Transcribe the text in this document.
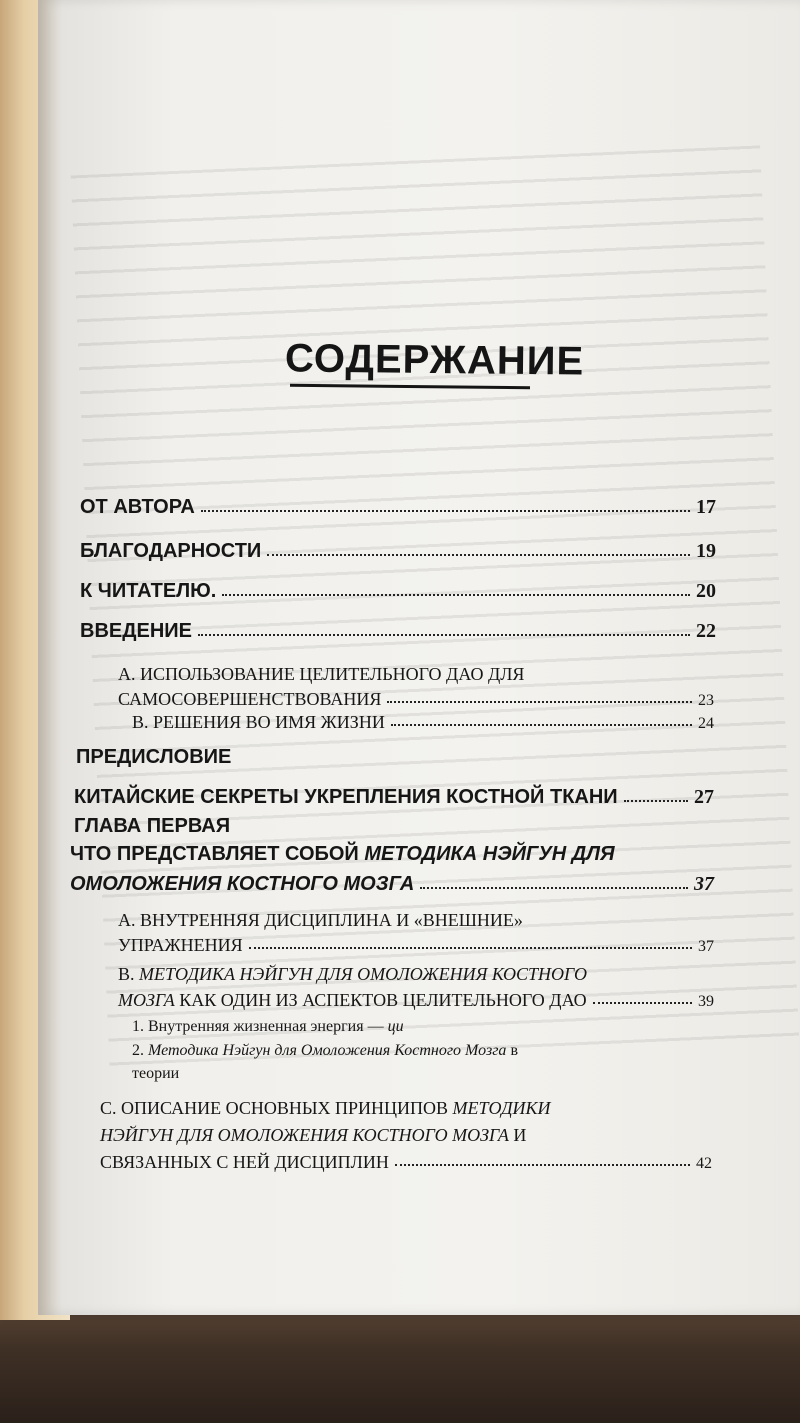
СОДЕРЖАНИЕ
ОТ АВТОРА	17
БЛАГОДАРНОСТИ	19
К ЧИТАТЕЛЮ.	20
ВВЕДЕНИЕ	22
A. ИСПОЛЬЗОВАНИЕ ЦЕЛИТЕЛЬНОГО ДАО ДЛЯ
САМОСОВЕРШЕНСТВОВАНИЯ	23
B. РЕШЕНИЯ ВО ИМЯ ЖИЗНИ	24
ПРЕДИСЛОВИЕ
КИТАЙСКИЕ СЕКРЕТЫ УКРЕПЛЕНИЯ КОСТНОЙ ТКАНИ	27
ГЛАВА ПЕРВАЯ
ЧТО ПРЕДСТАВЛЯЕТ СОБОЙ МЕТОДИКА НЭЙГУН ДЛЯ
ОМОЛОЖЕНИЯ КОСТНОГО МОЗГА	37
A. ВНУТРЕННЯЯ ДИСЦИПЛИНА И «ВНЕШНИЕ»
УПРАЖНЕНИЯ	37
B. МЕТОДИКА НЭЙГУН ДЛЯ ОМОЛОЖЕНИЯ КОСТНОГО
МОЗГА КАК ОДИН ИЗ АСПЕКТОВ ЦЕЛИТЕЛЬНОГО ДАО	39
1. Внутренняя жизненная энергия — ци
2. Методика Нэйгун для Омоложения Костного Мозга в
теории
C. ОПИСАНИЕ ОСНОВНЫХ ПРИНЦИПОВ МЕТОДИКИ
НЭЙГУН ДЛЯ ОМОЛОЖЕНИЯ КОСТНОГО МОЗГА И
СВЯЗАННЫХ С НЕЙ ДИСЦИПЛИН	42
